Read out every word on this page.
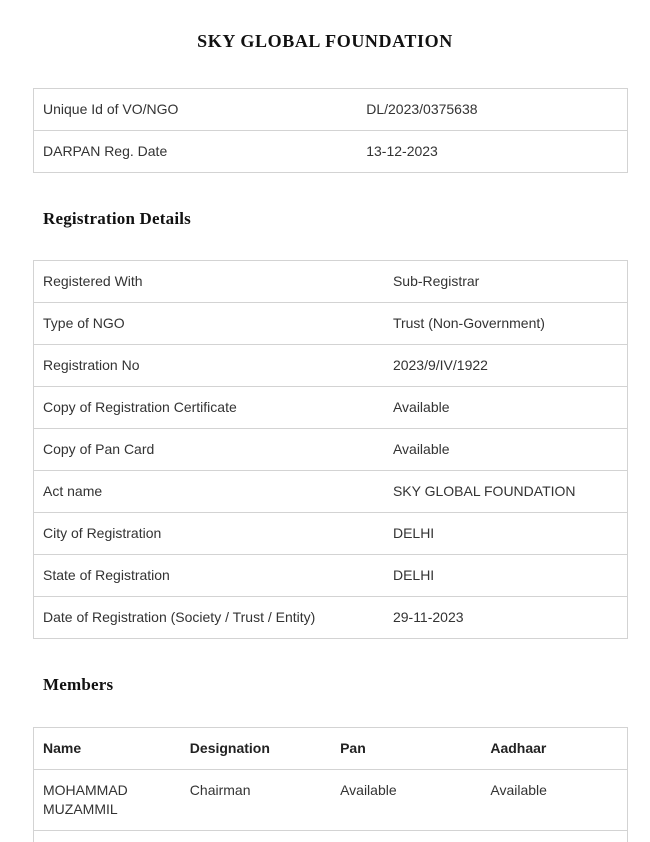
SKY GLOBAL FOUNDATION
Unique Id of VO/NGO	DL/2023/0375638
DARPAN Reg. Date	13-12-2023
Registration Details
Registered With	Sub-Registrar
Type of NGO	Trust (Non-Government)
Registration No	2023/9/IV/1922
Copy of Registration Certificate	Available
Copy of Pan Card	Available
Act name	SKY GLOBAL FOUNDATION
City of Registration	DELHI
State of Registration	DELHI
Date of Registration (Society / Trust / Entity)	29-11-2023
Members
Name	Designation	Pan	Aadhaar
MOHAMMAD MUZAMMIL	Chairman	Available	Available
